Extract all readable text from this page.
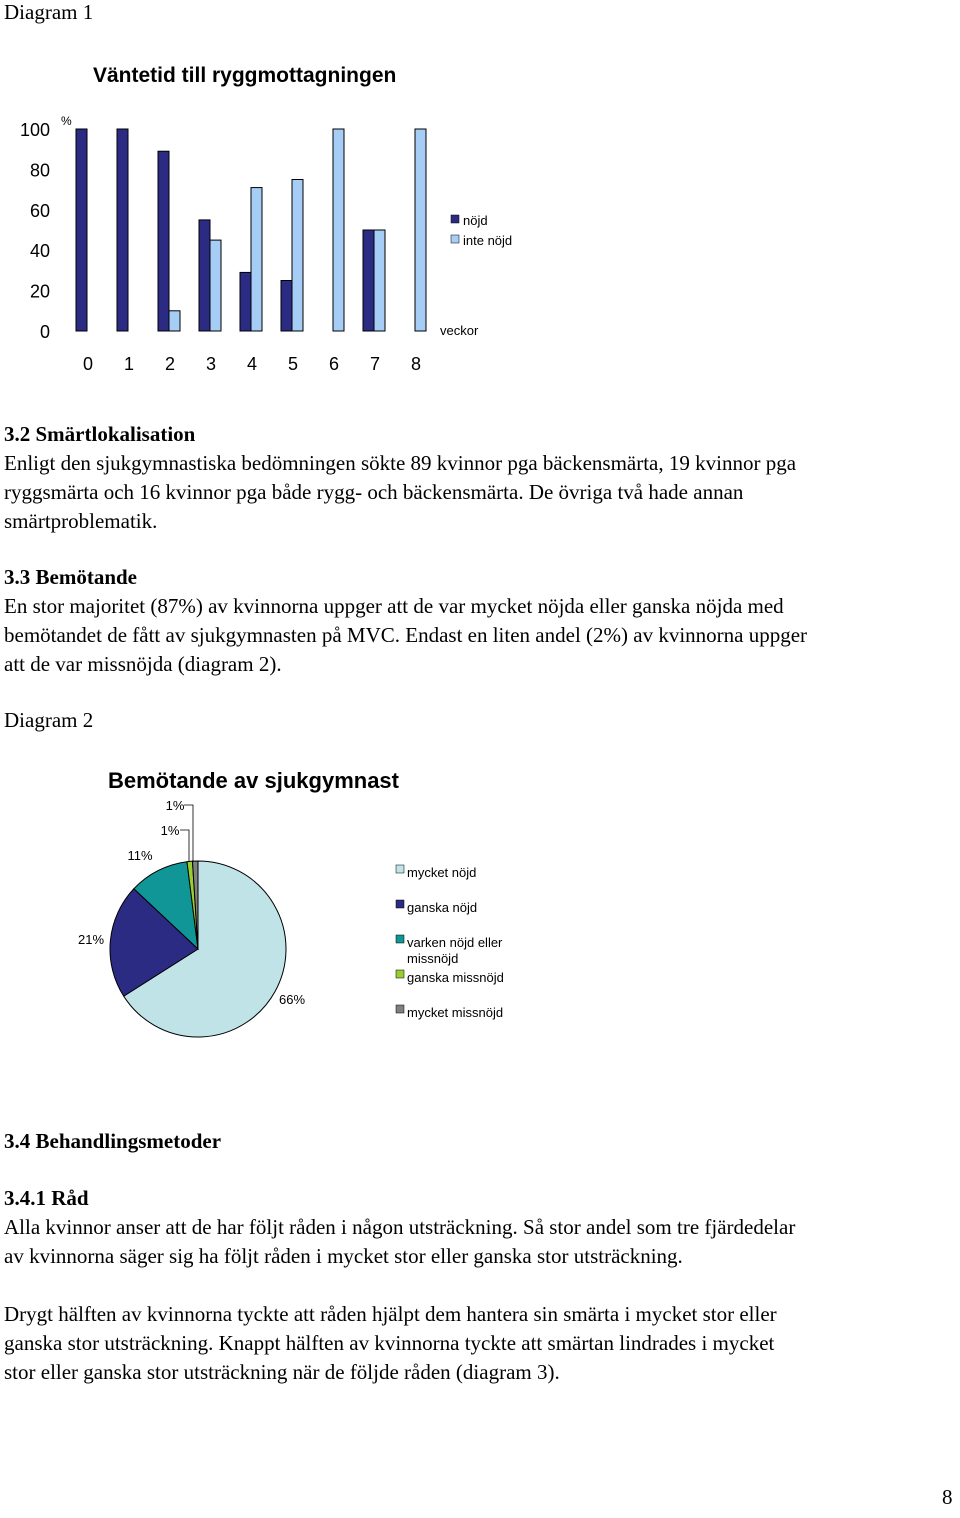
Diagram 1
Väntetid till ryggmottagningen
0
20
40
60
80
100 %
0 1 2 3 4 5 6 7 8
veckor
nöjd
inte nöjd
3.2 Smärtlokalisation
Enligt den sjukgymnastiska bedömningen sökte 89 kvinnor pga bäckensmärta, 19 kvinnor pga
ryggsmärta och 16 kvinnor pga både rygg- och bäckensmärta. De övriga två hade annan
smärtproblematik.
3.3 Bemötande
En stor majoritet (87%) av kvinnorna uppger att de var mycket nöjda eller ganska nöjda med
bemötandet de fått av sjukgymnasten på MVC. Endast en liten andel (2%) av kvinnorna uppger
att de var missnöjda (diagram 2).
Diagram 2
Bemötande av sjukgymnast
66%
21%
11%
1%
1%
mycket nöjd
ganska nöjd
varken nöjd eller
missnöjd
ganska missnöjd
mycket missnöjd
3.4 Behandlingsmetoder
3.4.1 Råd
Alla kvinnor anser att de har följt råden i någon utsträckning. Så stor andel som tre fjärdedelar
av kvinnorna säger sig ha följt råden i mycket stor eller ganska stor utsträckning.
Drygt hälften av kvinnorna tyckte att råden hjälpt dem hantera sin smärta i mycket stor eller
ganska stor utsträckning. Knappt hälften av kvinnorna tyckte att smärtan lindrades i mycket
stor eller ganska stor utsträckning när de följde råden (diagram 3).
8
